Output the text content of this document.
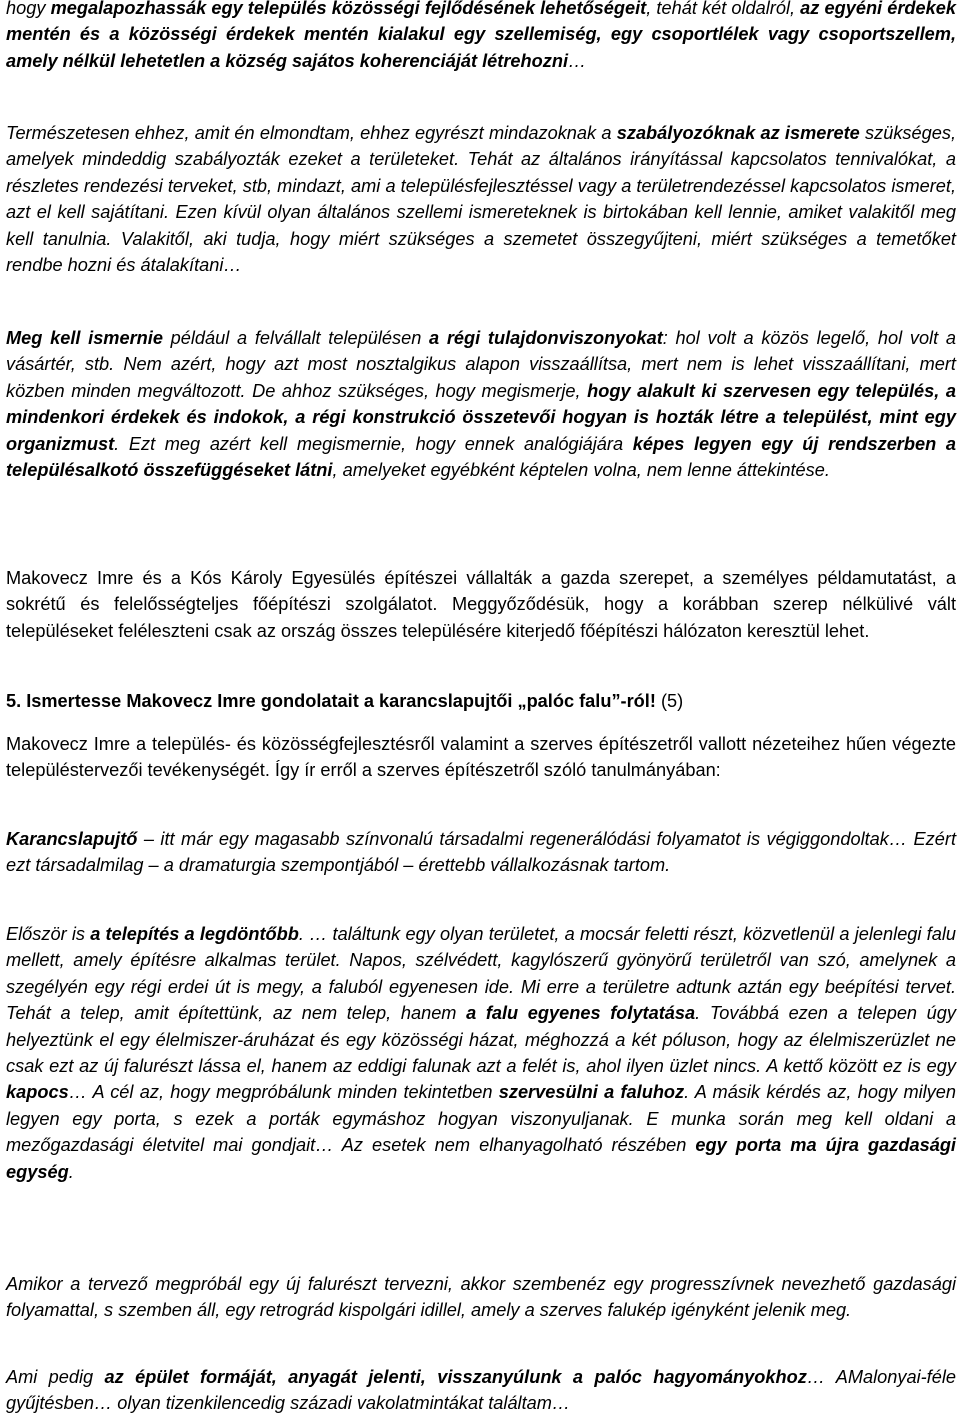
hogy megalapozhassák egy település közösségi fejlődésének lehetőségeit, tehát két oldalról, az egyéni érdekek mentén és a közösségi érdekek mentén kialakul egy szellemiség, egy csoportlélek vagy csoportszellem, amely nélkül lehetetlen a község sajátos koherenciáját létrehozni…

Természetesen ehhez, amit én elmondtam, ehhez egyrészt mindazoknak a szabályozóknak az ismerete szükséges, amelyek mindeddig szabályozták ezeket a területeket. Tehát az általános irányítással kapcsolatos tennivalókat, a részletes rendezési terveket, stb, mindazt, ami a településfejlesztéssel vagy a területrendezéssel kapcsolatos ismeret, azt el kell sajátítani. Ezen kívül olyan általános szellemi ismereteknek is birtokában kell lennie, amiket valakitől meg kell tanulnia. Valakitől, aki tudja, hogy miért szükséges a szemetet összegyűjteni, miért szükséges a temetőket rendbe hozni és átalakítani…

Meg kell ismernie például a felvállalt településen a régi tulajdonviszonyokat: hol volt a közös legelő, hol volt a vásártér, stb. Nem azért, hogy azt most nosztalgikus alapon visszaállítsa, mert nem is lehet visszaállítani, mert közben minden megváltozott. De ahhoz szükséges, hogy megismerje, hogy alakult ki szervesen egy település, a mindenkori érdekek és indokok, a régi konstrukció összetevői hogyan is hozták létre a települést, mint egy organizmust. Ezt meg azért kell megismernie, hogy ennek analógiájára képes legyen egy új rendszerben a településalkotó összefüggéseket látni, amelyeket egyébként képtelen volna, nem lenne áttekintése.

Makovecz Imre és a Kós Károly Egyesülés építészei vállalták a gazda szerepet, a személyes példamutatást, a sokrétű és felelősségteljes főépítészi szolgálatot. Meggyőződésük, hogy a korábban szerep nélkülivé vált településeket feléleszteni csak az ország összes településére kiterjedő főépítészi hálózaton keresztül lehet.

5. Ismertesse Makovecz Imre gondolatait a karancslapujtői „palóc falu”-ról! (5)

Makovecz Imre a település- és közösségfejlesztésről valamint a szerves építészetről vallott nézeteihez hűen végezte településtervezői tevékenységét. Így ír erről a szerves építészetről szóló tanulmányában:

Karancslapujtő – itt már egy magasabb színvonalú társadalmi regenerálódási folyamatot is végiggondoltak… Ezért ezt társadalmilag – a dramaturgia szempontjából – érettebb vállalkozásnak tartom.

Először is a telepítés a legdöntőbb. … találtunk egy olyan területet, a mocsár feletti részt, közvetlenül a jelenlegi falu mellett, amely építésre alkalmas terület. Napos, szélvédett, kagylószerű gyönyörű területről van szó, amelynek a szegélyén egy régi erdei út is megy, a faluból egyenesen ide. Mi erre a területre adtunk aztán egy beépítési tervet. Tehát a telep, amit építettünk, az nem telep, hanem a falu egyenes folytatása. Továbbá ezen a telepen úgy helyeztünk el egy élelmiszer-áruházat és egy közösségi házat, méghozzá a két póluson, hogy az élelmiszerüzlet ne csak ezt az új falurészt lássa el, hanem az eddigi falunak azt a felét is, ahol ilyen üzlet nincs. A kettő között ez is egy kapocs… A cél az, hogy megpróbálunk minden tekintetben szervesülni a faluhoz. A másik kérdés az, hogy milyen legyen egy porta, s ezek a porták egymáshoz hogyan viszonyuljanak. E munka során meg kell oldani a mezőgazdasági életvitel mai gondjait… Az esetek nem elhanyagolható részében egy porta ma újra gazdasági egység.

Amikor a tervező megpróbál egy új falurészt tervezni, akkor szembenéz egy progresszívnek nevezhető gazdasági folyamattal, s szemben áll, egy retrográd kispolgári idillel, amely a szerves falukép igényként jelenik meg.

Ami pedig az épület formáját, anyagát jelenti, visszanyúlunk a palóc hagyományokhoz… AMalonyai-féle gyűjtésben… olyan tizenkilencedig századi vakolatmintákat találtam…
